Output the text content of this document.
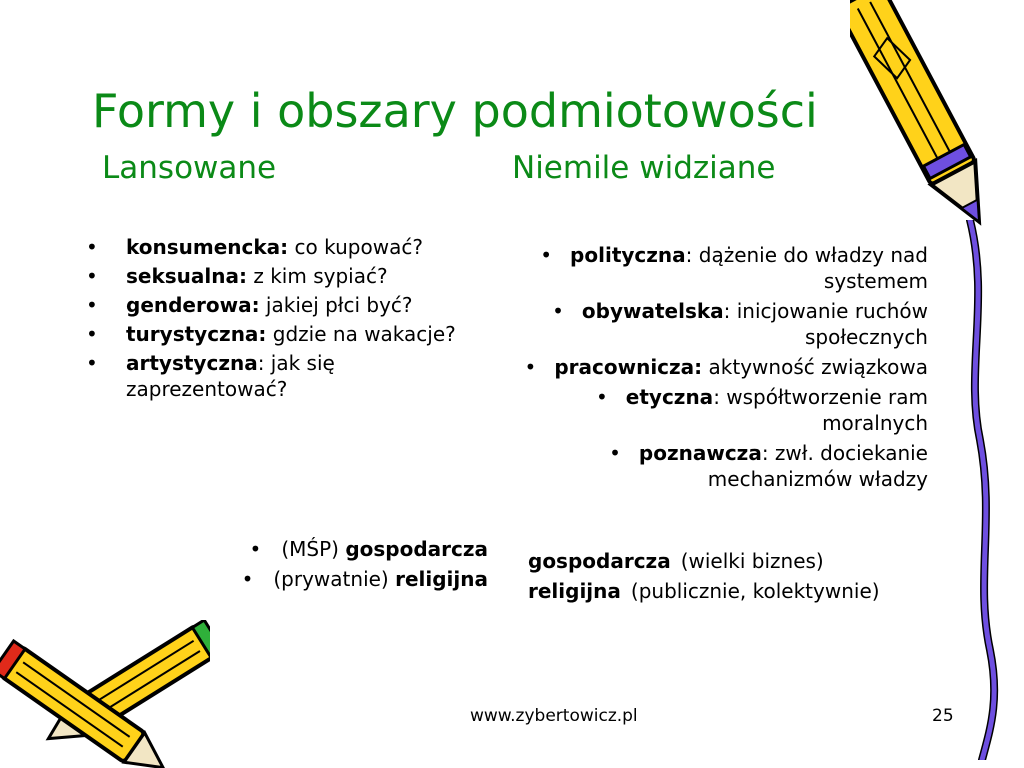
Formy i obszary podmiotowości
Lansowane	Niemile widziane
• konsumencka: co kupować?
• seksualna: z kim sypiać?
• genderowa: jakiej płci być?
• turystyczna: gdzie na wakacje?
• artystyczna: jak się zaprezentować?
• polityczna: dążenie do władzy nad systemem
• obywatelska: inicjowanie ruchów społecznych
• pracownicza: aktywność związkowa
• etyczna: współtworzenie ram moralnych
• poznawcza: zwł. dociekanie mechanizmów władzy
• (MŚP) gospodarcza
• (prywatnie) religijna
gospodarcza (wielki biznes)
religijna (publicznie, kolektywnie)
www.zybertowicz.pl	25
